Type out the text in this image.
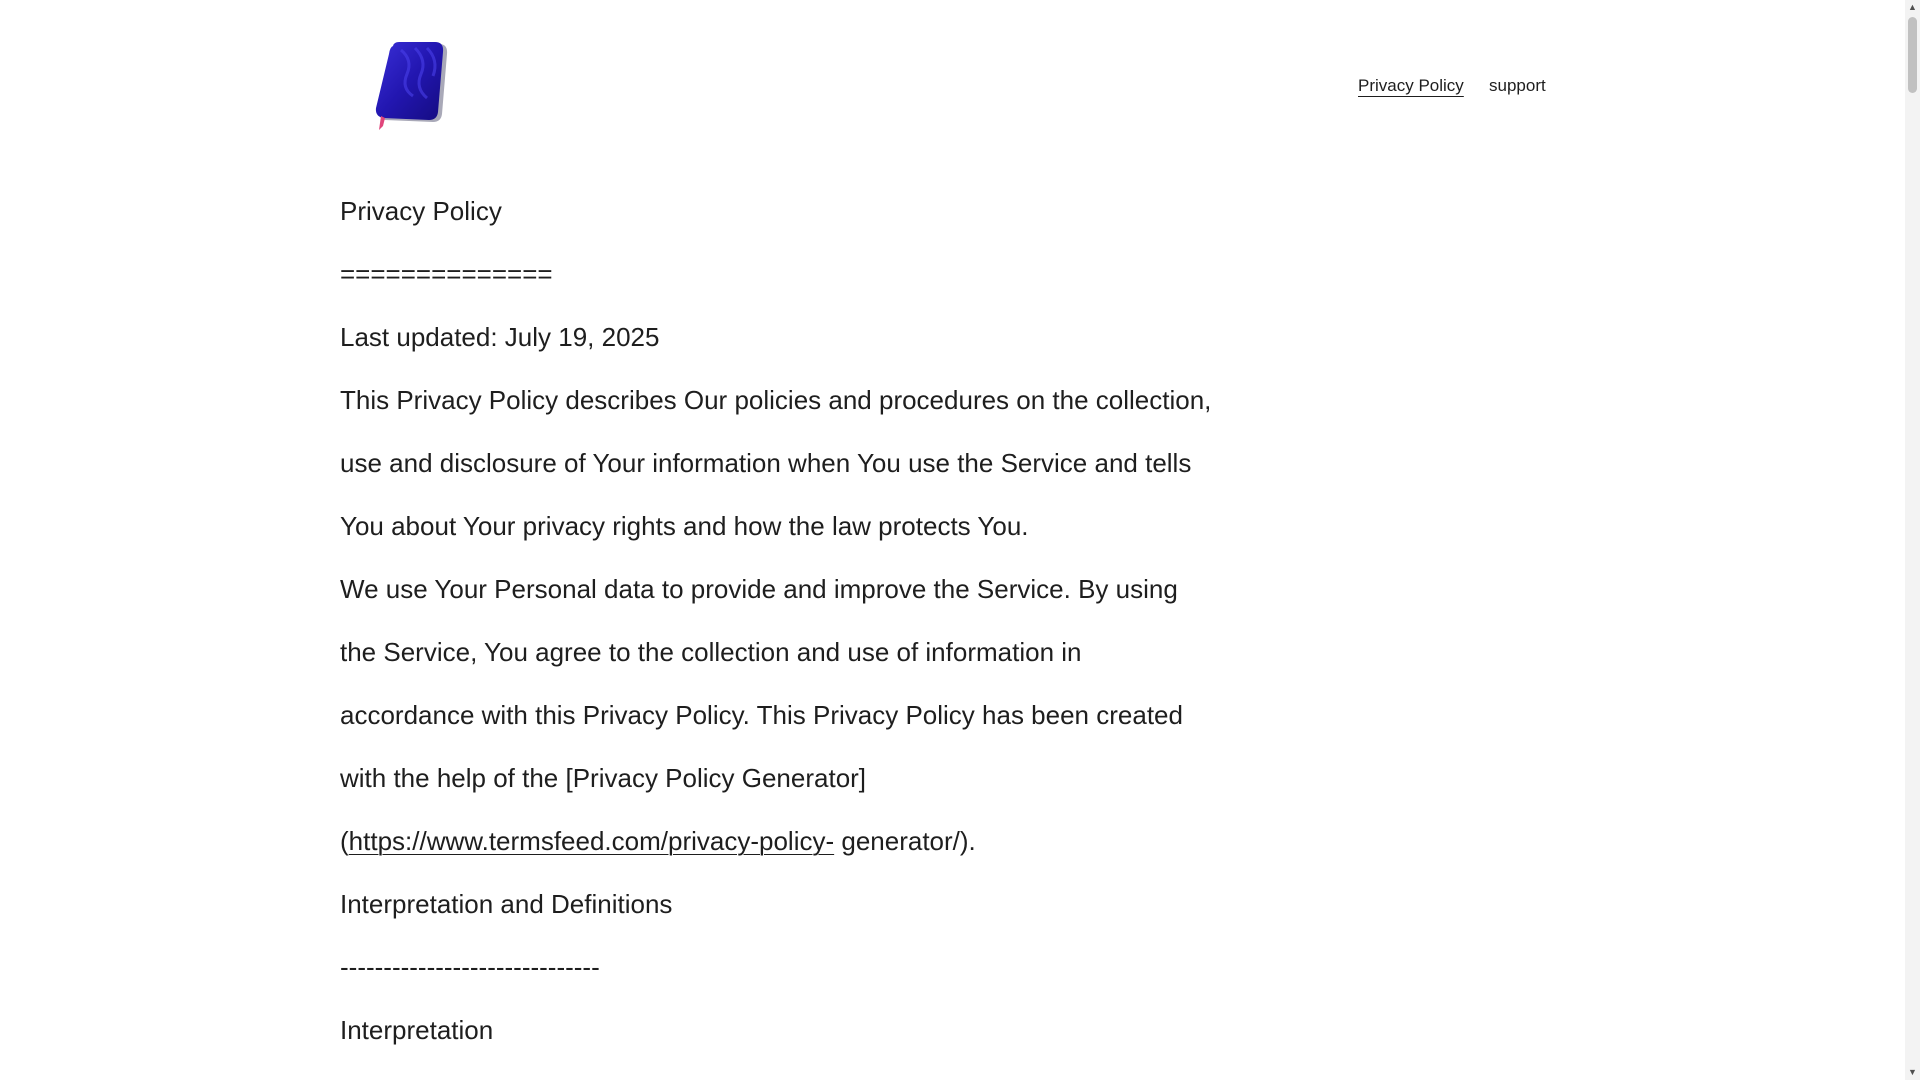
Privacy Policy support

Privacy Policy

==============

Last updated: July 19, 2025

This Privacy Policy describes Our policies and procedures on the collection, use and disclosure of Your information when You use the Service and tells You about Your privacy rights and how the law protects You.

We use Your Personal data to provide and improve the Service. By using the Service, You agree to the collection and use of information in accordance with this Privacy Policy. This Privacy Policy has been created with the help of the [Privacy Policy Generator](https://www.termsfeed.com/privacy-policy- generator/).

Interpretation and Definitions

------------------------------

Interpretation

▲
▼
